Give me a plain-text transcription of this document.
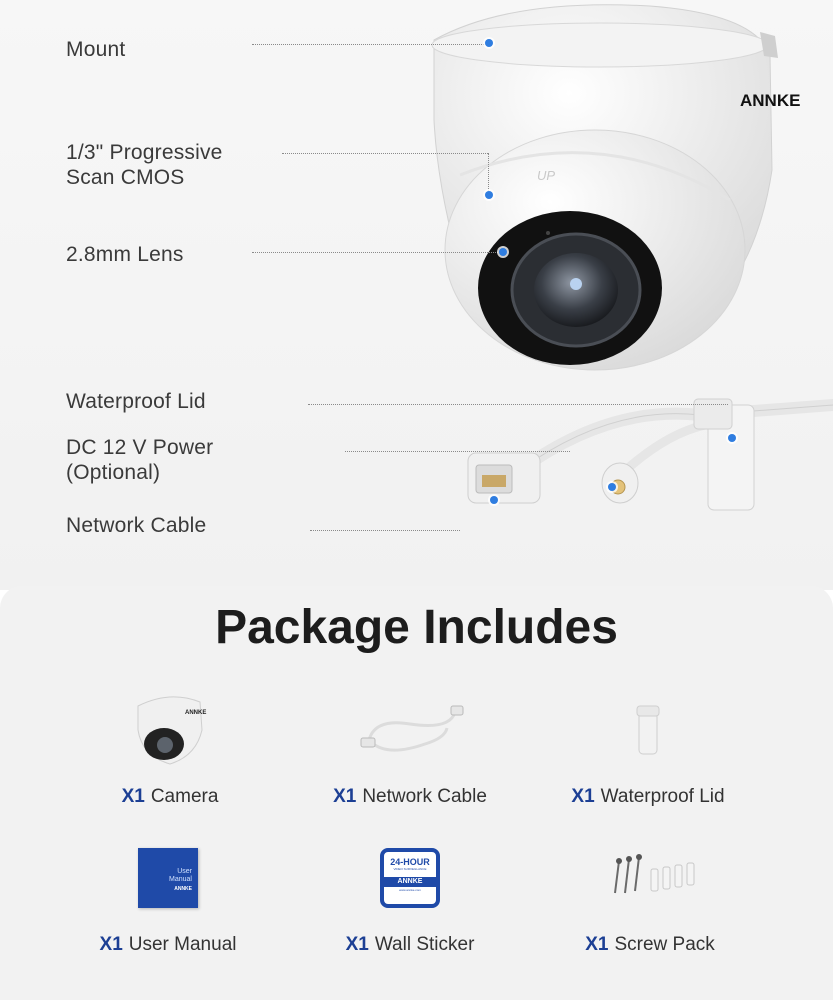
ANNKE
UP
Mount
1/3" Progressive
Scan CMOS
2.8mm Lens
Waterproof Lid
DC 12 V Power
(Optional)
Network Cable
Package Includes
ANNKE
X1 Camera	X1 Network Cable	X1 Waterproof Lid
User
Manual
ANNKE
X1 User Manual
24-HOUR
VIDEO SURVEILLANCE
ANNKE
www.annke.com
X1 Wall Sticker	X1 Screw Pack
